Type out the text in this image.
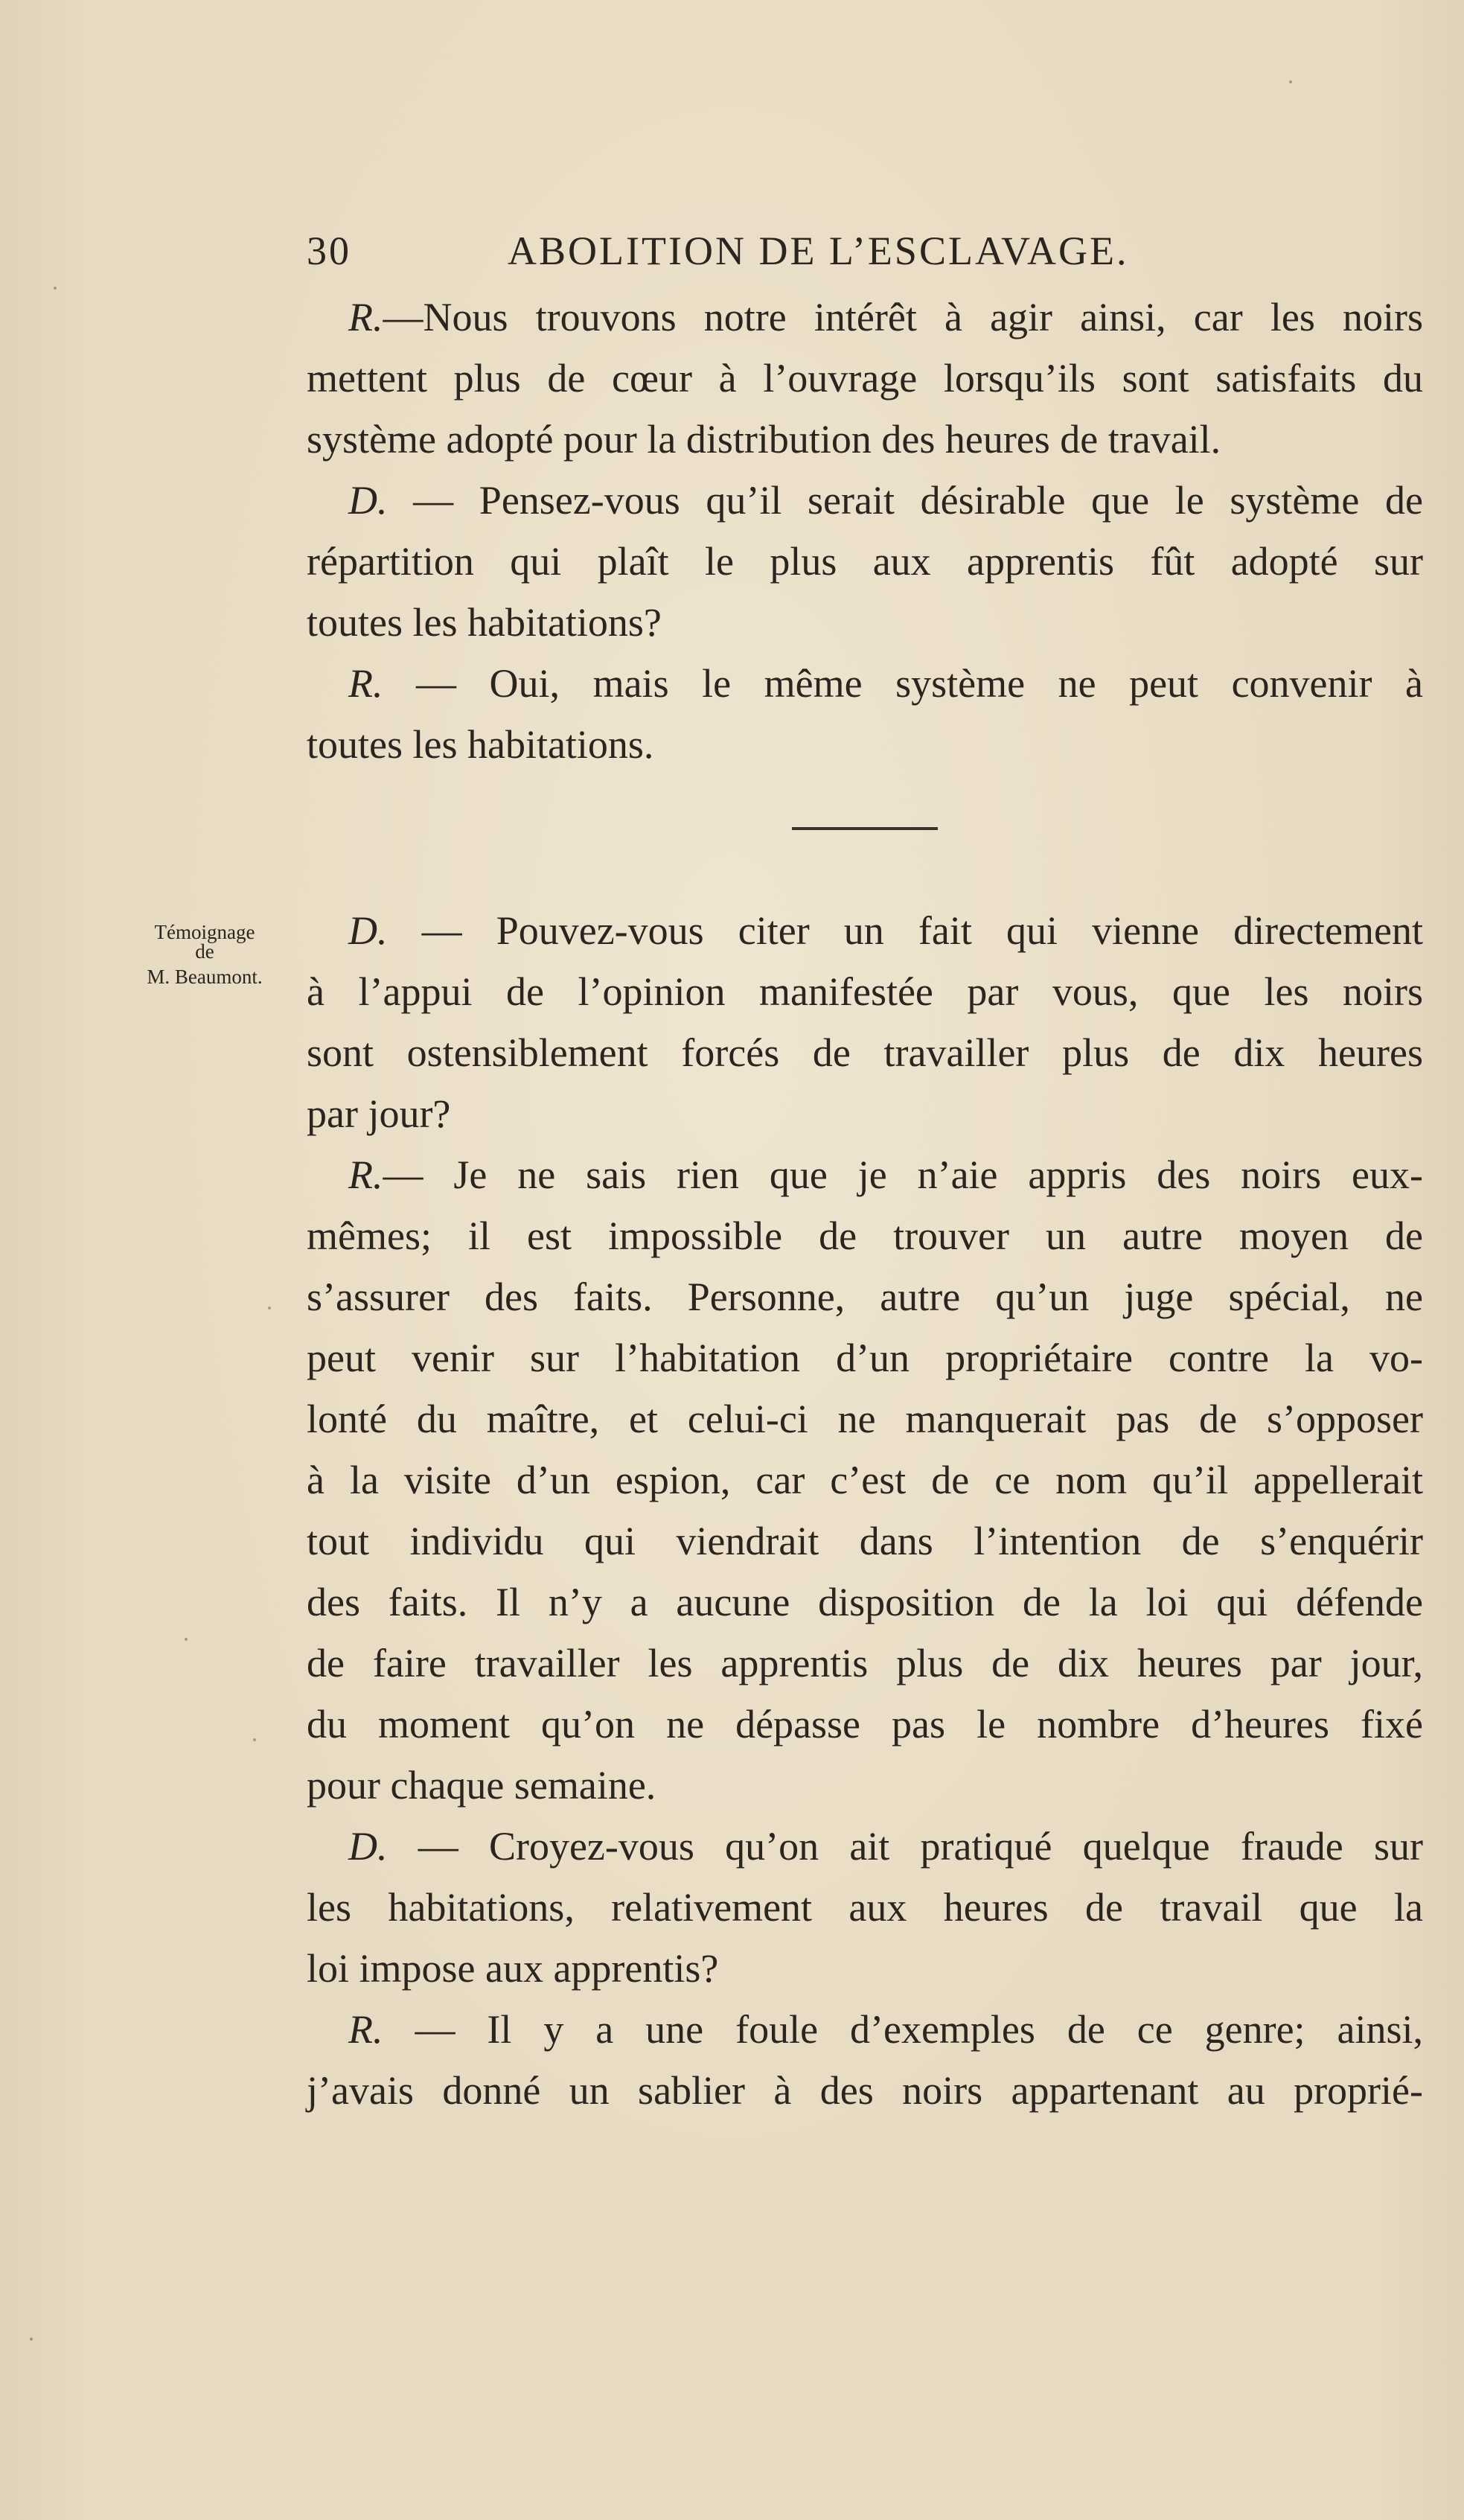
30	ABOLITION DE L’ESCLAVAGE.
R.—Nous trouvons notre intérêt à agir ainsi, car les noirs
mettent plus de cœur à l’ouvrage lorsqu’ils sont satisfaits du
système adopté pour la distribution des heures de travail.
D. — Pensez-vous qu’il serait désirable que le système de
répartition qui plaît le plus aux apprentis fût adopté sur
toutes les habitations?
R. — Oui, mais le même système ne peut convenir à
toutes les habitations.
Témoignage
de
M. Beaumont.
D. — Pouvez-vous citer un fait qui vienne directement
à l’appui de l’opinion manifestée par vous, que les noirs
sont ostensiblement forcés de travailler plus de dix heures
par jour?
R.— Je ne sais rien que je n’aie appris des noirs eux-
mêmes; il est impossible de trouver un autre moyen de
s’assurer des faits. Personne, autre qu’un juge spécial, ne
peut venir sur l’habitation d’un propriétaire contre la vo-
lonté du maître, et celui-ci ne manquerait pas de s’opposer
à la visite d’un espion, car c’est de ce nom qu’il appellerait
tout individu qui viendrait dans l’intention de s’enquérir
des faits. Il n’y a aucune disposition de la loi qui défende
de faire travailler les apprentis plus de dix heures par jour,
du moment qu’on ne dépasse pas le nombre d’heures fixé
pour chaque semaine.
D. — Croyez-vous qu’on ait pratiqué quelque fraude sur
les habitations, relativement aux heures de travail que la
loi impose aux apprentis?
R. — Il y a une foule d’exemples de ce genre; ainsi,
j’avais donné un sablier à des noirs appartenant au proprié-
